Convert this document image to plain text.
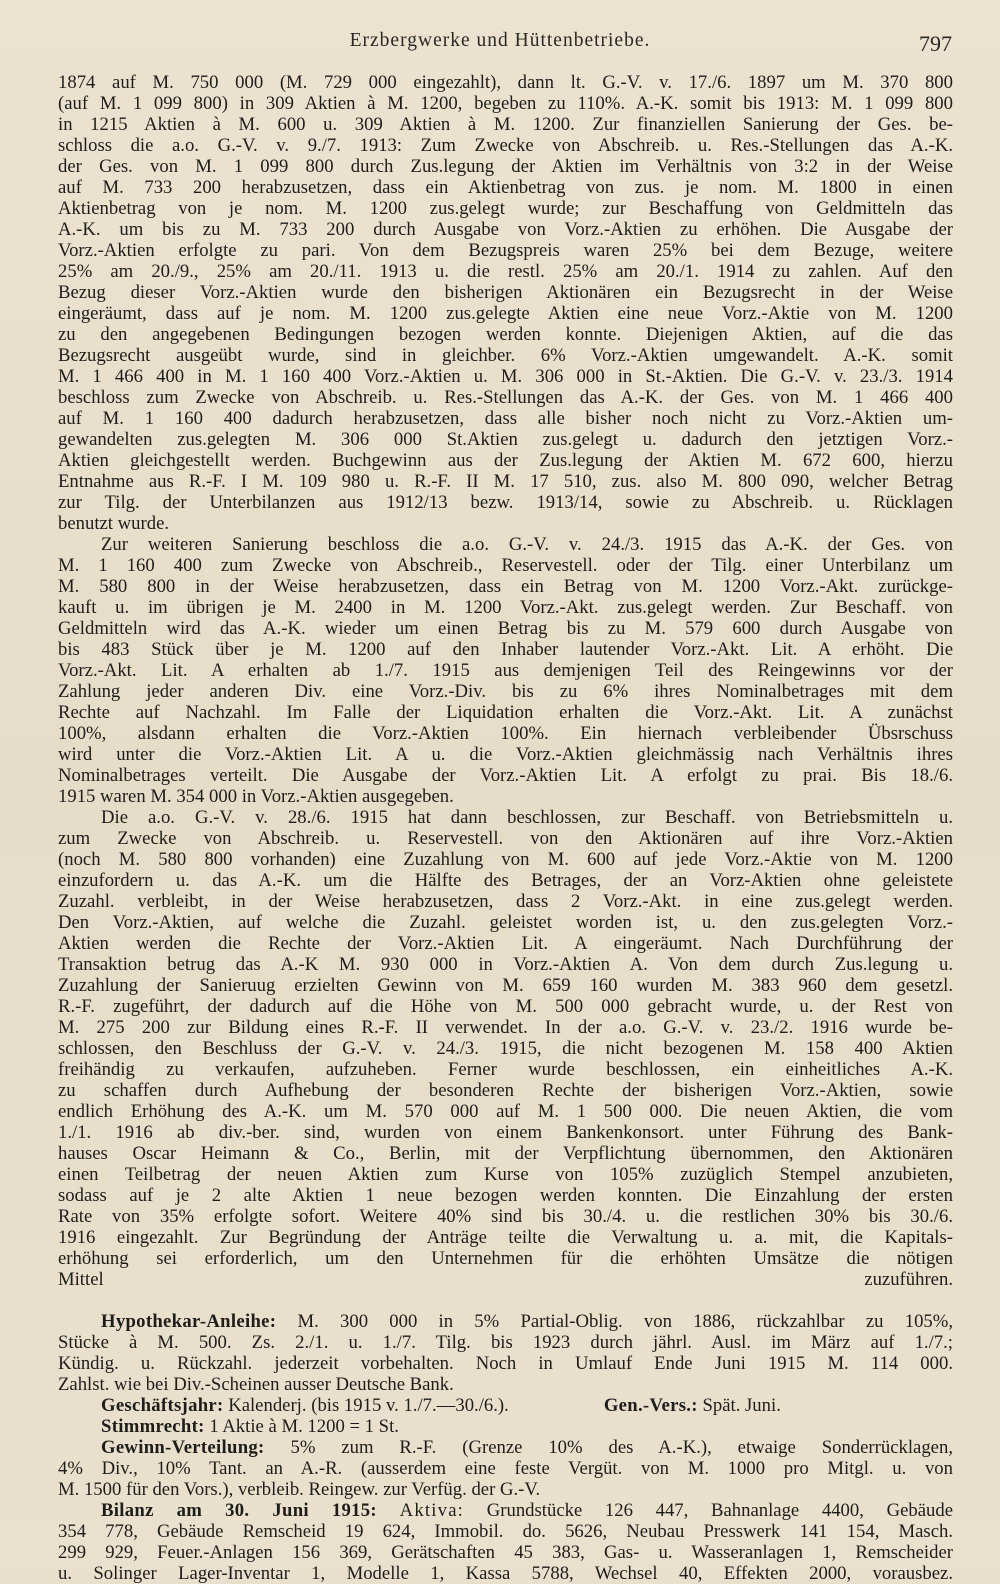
Erzbergwerke und Hüttenbetriebe.	797
1874 auf M. 750 000 (M. 729 000 eingezahlt), dann lt. G.-V. v. 17./6. 1897 um M. 370 800
(auf M. 1 099 800) in 309 Aktien à M. 1200, begeben zu 110%. A.-K. somit bis 1913: M. 1 099 800
in 1215 Aktien à M. 600 u. 309 Aktien à M. 1200. Zur finanziellen Sanierung der Ges. be-
schloss die a.o. G.-V. v. 9./7. 1913: Zum Zwecke von Abschreib. u. Res.-Stellungen das A.-K.
der Ges. von M. 1 099 800 durch Zus.legung der Aktien im Verhältnis von 3:2 in der Weise
auf M. 733 200 herabzusetzen, dass ein Aktienbetrag von zus. je nom. M. 1800 in einen
Aktienbetrag von je nom. M. 1200 zus.gelegt wurde; zur Beschaffung von Geldmitteln das
A.-K. um bis zu M. 733 200 durch Ausgabe von Vorz.-Aktien zu erhöhen. Die Ausgabe der
Vorz.-Aktien erfolgte zu pari. Von dem Bezugspreis waren 25% bei dem Bezuge, weitere
25% am 20./9., 25% am 20./11. 1913 u. die restl. 25% am 20./1. 1914 zu zahlen. Auf den
Bezug dieser Vorz.-Aktien wurde den bisherigen Aktionären ein Bezugsrecht in der Weise
eingeräumt, dass auf je nom. M. 1200 zus.gelegte Aktien eine neue Vorz.-Aktie von M. 1200
zu den angegebenen Bedingungen bezogen werden konnte. Diejenigen Aktien, auf die das
Bezugsrecht ausgeübt wurde, sind in gleichber. 6% Vorz.-Aktien umgewandelt. A.-K. somit
M. 1 466 400 in M. 1 160 400 Vorz.-Aktien u. M. 306 000 in St.-Aktien. Die G.-V. v. 23./3. 1914
beschloss zum Zwecke von Abschreib. u. Res.-Stellungen das A.-K. der Ges. von M. 1 466 400
auf M. 1 160 400 dadurch herabzusetzen, dass alle bisher noch nicht zu Vorz.-Aktien um-
gewandelten zus.gelegten M. 306 000 St.Aktien zus.gelegt u. dadurch den jetztigen Vorz.-
Aktien gleichgestellt werden. Buchgewinn aus der Zus.legung der Aktien M. 672 600, hierzu
Entnahme aus R.-F. I M. 109 980 u. R.-F. II M. 17 510, zus. also M. 800 090, welcher Betrag
zur Tilg. der Unterbilanzen aus 1912/13 bezw. 1913/14, sowie zu Abschreib. u. Rücklagen
benutzt wurde.
Zur weiteren Sanierung beschloss die a.o. G.-V. v. 24./3. 1915 das A.-K. der Ges. von
M. 1 160 400 zum Zwecke von Abschreib., Reservestell. oder der Tilg. einer Unterbilanz um
M. 580 800 in der Weise herabzusetzen, dass ein Betrag von M. 1200 Vorz.-Akt. zurückge-
kauft u. im übrigen je M. 2400 in M. 1200 Vorz.-Akt. zus.gelegt werden. Zur Beschaff. von
Geldmitteln wird das A.-K. wieder um einen Betrag bis zu M. 579 600 durch Ausgabe von
bis 483 Stück über je M. 1200 auf den Inhaber lautender Vorz.-Akt. Lit. A erhöht. Die
Vorz.-Akt. Lit. A erhalten ab 1./7. 1915 aus demjenigen Teil des Reingewinns vor der
Zahlung jeder anderen Div. eine Vorz.-Div. bis zu 6% ihres Nominalbetrages mit dem
Rechte auf Nachzahl. Im Falle der Liquidation erhalten die Vorz.-Akt. Lit. A zunächst
100%, alsdann erhalten die Vorz.-Aktien 100%. Ein hiernach verbleibender Übsrschuss
wird unter die Vorz.-Aktien Lit. A u. die Vorz.-Aktien gleichmässig nach Verhältnis ihres
Nominalbetrages verteilt. Die Ausgabe der Vorz.-Aktien Lit. A erfolgt zu prai. Bis 18./6.
1915 waren M. 354 000 in Vorz.-Aktien ausgegeben.
Die a.o. G.-V. v. 28./6. 1915 hat dann beschlossen, zur Beschaff. von Betriebsmitteln u.
zum Zwecke von Abschreib. u. Reservestell. von den Aktionären auf ihre Vorz.-Aktien
(noch M. 580 800 vorhanden) eine Zuzahlung von M. 600 auf jede Vorz.-Aktie von M. 1200
einzufordern u. das A.-K. um die Hälfte des Betrages, der an Vorz-Aktien ohne geleistete
Zuzahl. verbleibt, in der Weise herabzusetzen, dass 2 Vorz.-Akt. in eine zus.gelegt werden.
Den Vorz.-Aktien, auf welche die Zuzahl. geleistet worden ist, u. den zus.gelegten Vorz.-
Aktien werden die Rechte der Vorz.-Aktien Lit. A eingeräumt. Nach Durchführung der
Transaktion betrug das A.-K M. 930 000 in Vorz.-Aktien A. Von dem durch Zus.legung u.
Zuzahlung der Sanieruug erzielten Gewinn von M. 659 160 wurden M. 383 960 dem gesetzl.
R.-F. zugeführt, der dadurch auf die Höhe von M. 500 000 gebracht wurde, u. der Rest von
M. 275 200 zur Bildung eines R.-F. II verwendet. In der a.o. G.-V. v. 23./2. 1916 wurde be-
schlossen, den Beschluss der G.-V. v. 24./3. 1915, die nicht bezogenen M. 158 400 Aktien
freihändig zu verkaufen, aufzuheben. Ferner wurde beschlossen, ein einheitliches A.-K.
zu schaffen durch Aufhebung der besonderen Rechte der bisherigen Vorz.-Aktien, sowie
endlich Erhöhung des A.-K. um M. 570 000 auf M. 1 500 000. Die neuen Aktien, die vom
1./1. 1916 ab div.-ber. sind, wurden von einem Bankenkonsort. unter Führung des Bank-
hauses Oscar Heimann & Co., Berlin, mit der Verpflichtung übernommen, den Aktionären
einen Teilbetrag der neuen Aktien zum Kurse von 105% zuzüglich Stempel anzubieten,
sodass auf je 2 alte Aktien 1 neue bezogen werden konnten. Die Einzahlung der ersten
Rate von 35% erfolgte sofort. Weitere 40% sind bis 30./4. u. die restlichen 30% bis 30./6.
1916 eingezahlt. Zur Begründung der Anträge teilte die Verwaltung u. a. mit, die Kapitals-
erhöhung sei erforderlich, um den Unternehmen für die erhöhten Umsätze die nötigen
Mittel zuzuführen.
Hypothekar-Anleihe: M. 300 000 in 5% Partial-Oblig. von 1886, rückzahlbar zu 105%,
Stücke à M. 500. Zs. 2./1. u. 1./7. Tilg. bis 1923 durch jährl. Ausl. im März auf 1./7.;
Kündig. u. Rückzahl. jederzeit vorbehalten. Noch in Umlauf Ende Juni 1915 M. 114 000.
Zahlst. wie bei Div.-Scheinen ausser Deutsche Bank.
Geschäftsjahr: Kalenderj. (bis 1915 v. 1./7.—30./6.).	Gen.-Vers.: Spät. Juni.
Stimmrecht: 1 Aktie à M. 1200 = 1 St.
Gewinn-Verteilung: 5% zum R.-F. (Grenze 10% des A.-K.), etwaige Sonderrücklagen,
4% Div., 10% Tant. an A.-R. (ausserdem eine feste Vergüt. von M. 1000 pro Mitgl. u. von
M. 1500 für den Vors.), verbleib. Reingew. zur Verfüg. der G.-V.
Bilanz am 30. Juni 1915: Aktiva: Grundstücke 126 447, Bahnanlage 4400, Gebäude
354 778, Gebäude Remscheid 19 624, Immobil. do. 5626, Neubau Presswerk 141 154, Masch.
299 929, Feuer.-Anlagen 156 369, Gerätschaften 45 383, Gas- u. Wasseranlagen 1, Remscheider
u. Solinger Lager-Inventar 1, Modelle 1, Kassa 5788, Wechsel 40, Effekten 2000, vorausbez.
